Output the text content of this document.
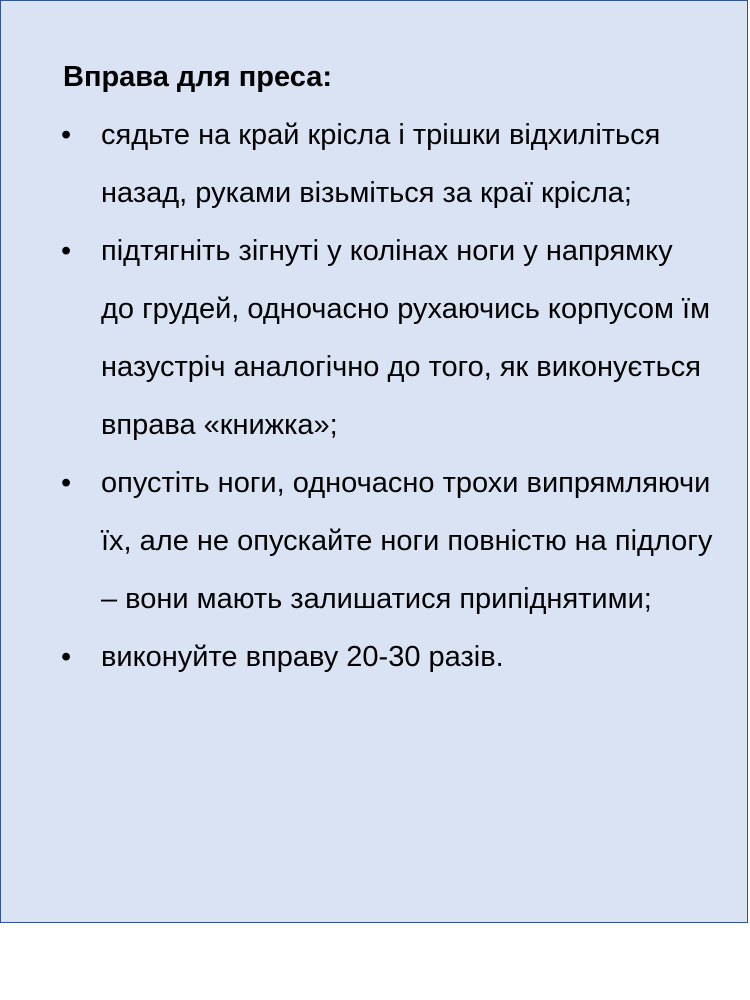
Вправа для преса:
• сядьте на край крісла і трішки відхиліться назад, руками візьміться за краї крісла;
• підтягніть зігнуті у колінах ноги у напрямку до грудей, одночасно рухаючись корпусом їм назустріч аналогічно до того, як виконується вправа «книжка»;
• опустіть ноги, одночасно трохи випрямляючи їх, але не опускайте ноги повністю на підлогу – вони мають залишатися припіднятими;
• виконуйте вправу 20-30 разів.
